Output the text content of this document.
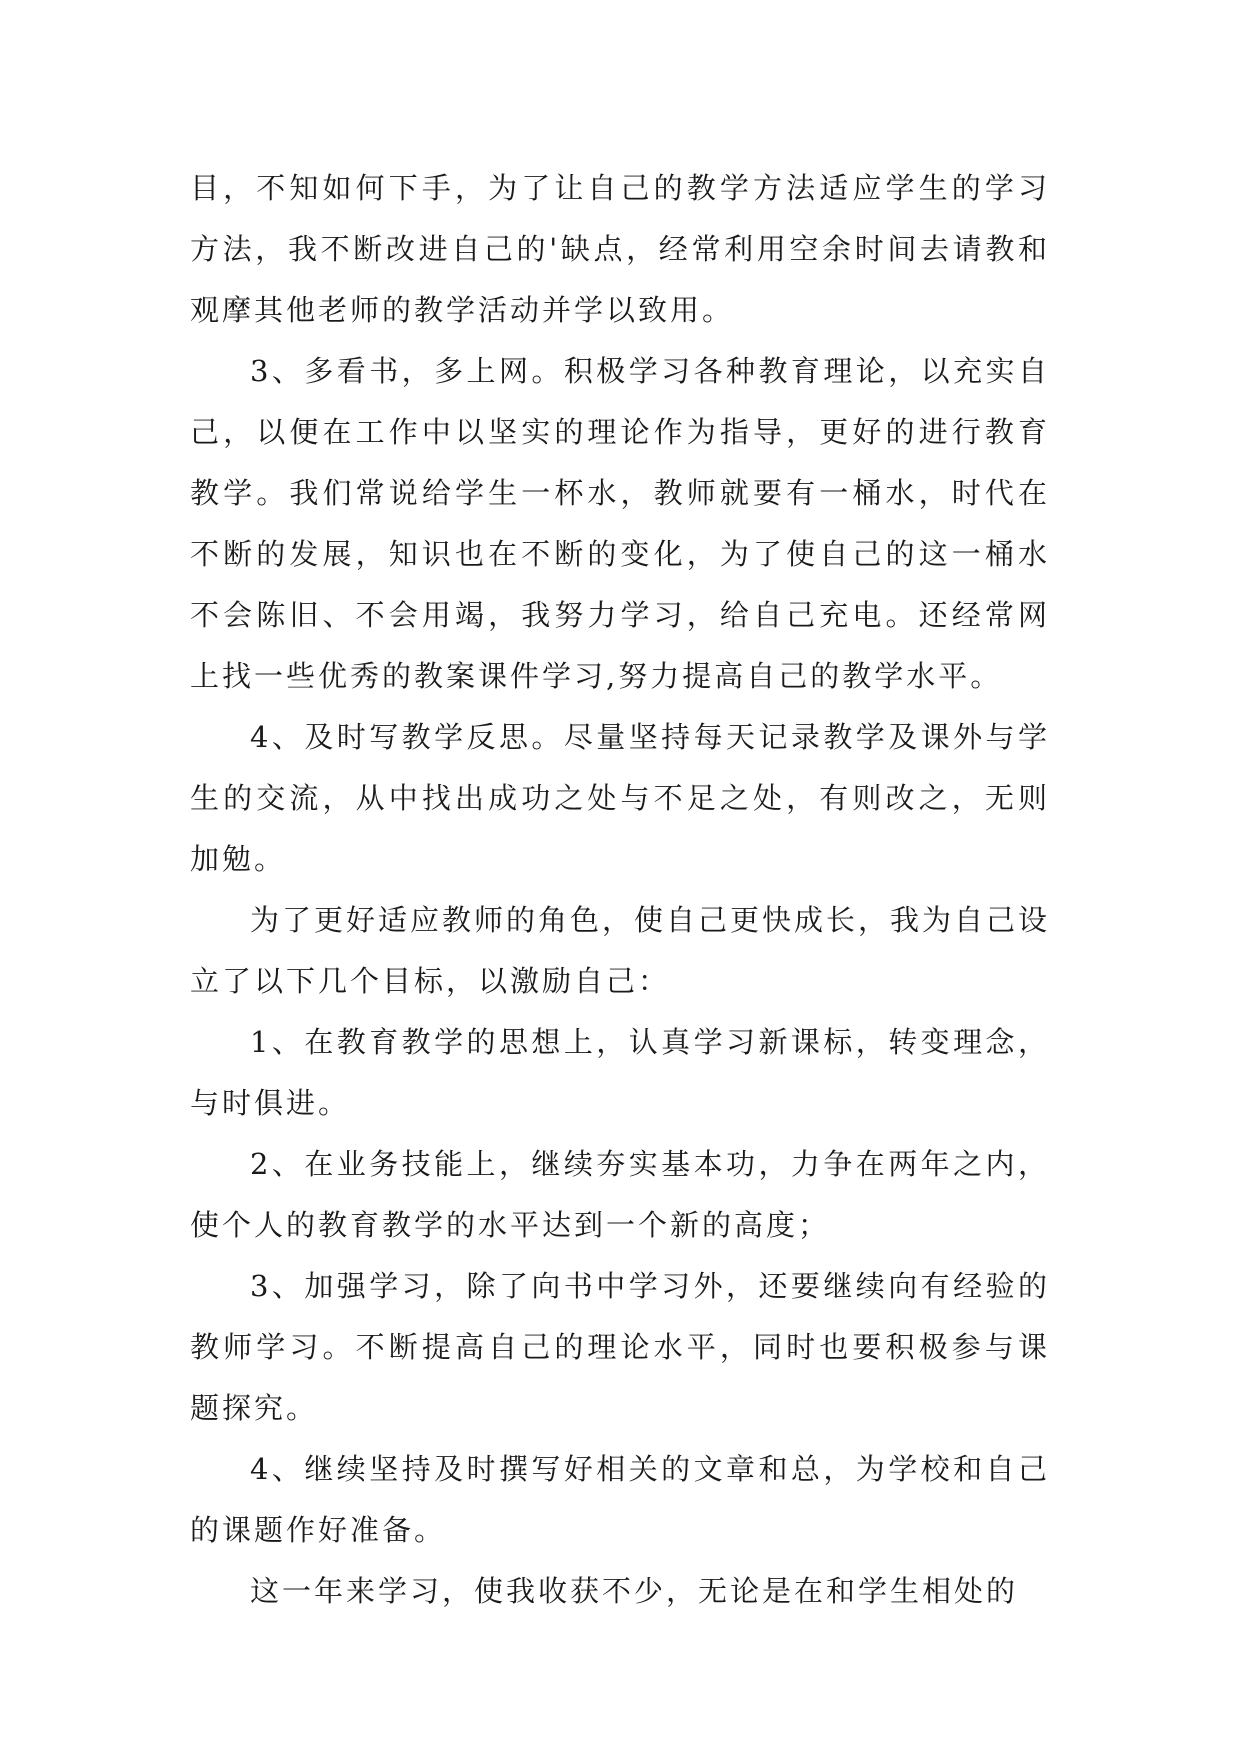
目，不知如何下手，为了让自己的教学方法适应学生的学习方法，我不断改进自己的'缺点，经常利用空余时间去请教和观摩其他老师的教学活动并学以致用。

3、多看书，多上网。积极学习各种教育理论，以充实自己，以便在工作中以坚实的理论作为指导，更好的进行教育教学。我们常说给学生一杯水，教师就要有一桶水，时代在不断的发展，知识也在不断的变化，为了使自己的这一桶水不会陈旧、不会用竭，我努力学习，给自己充电。还经常网上找一些优秀的教案课件学习,努力提高自己的教学水平。

4、及时写教学反思。尽量坚持每天记录教学及课外与学生的交流，从中找出成功之处与不足之处，有则改之，无则加勉。

为了更好适应教师的角色，使自己更快成长，我为自己设立了以下几个目标，以激励自己：

1、在教育教学的思想上，认真学习新课标，转变理念，与时俱进。

2、在业务技能上，继续夯实基本功，力争在两年之内，使个人的教育教学的水平达到一个新的高度；

3、加强学习，除了向书中学习外，还要继续向有经验的教师学习。不断提高自己的理论水平，同时也要积极参与课题探究。

4、继续坚持及时撰写好相关的文章和总，为学校和自己的课题作好准备。

这一年来学习，使我收获不少，无论是在和学生相处的
